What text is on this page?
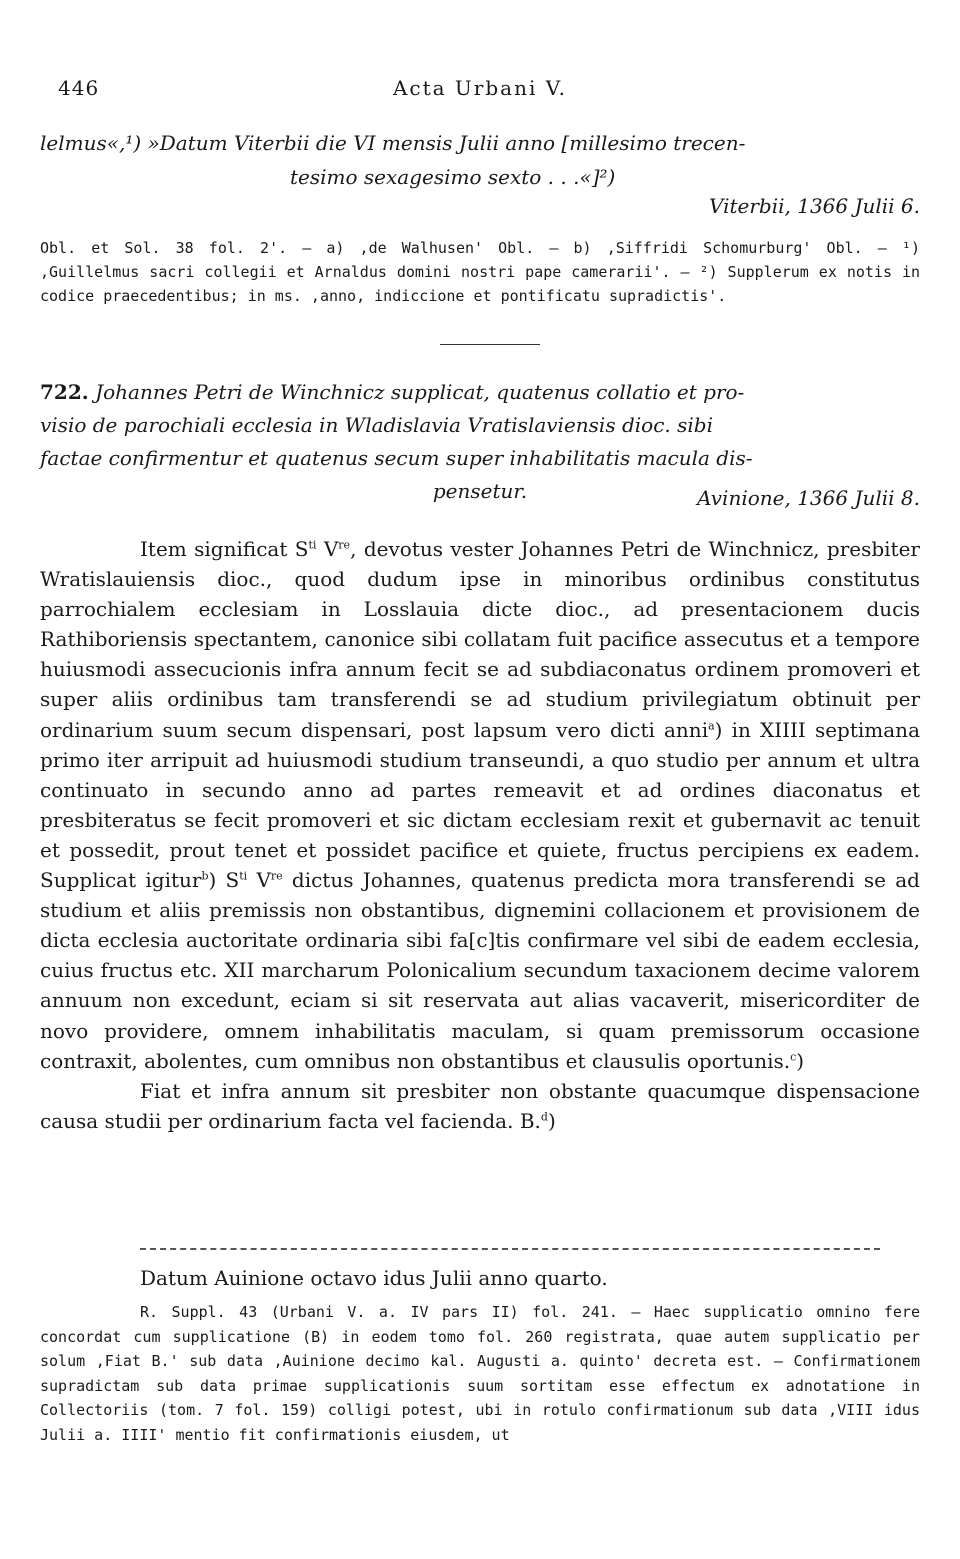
446	Acta Urbani V.
lelmus«,¹) »Datum Viterbii die VI mensis Julii anno [millesimo trecen-
tesimo sexagesimo sexto . . .«]²)
Viterbii, 1366 Julii 6.

Obl. et Sol. 38 fol. 2'. — a) ‚de Walhusen' Obl. — b) ‚Siffridi Schomurburg' Obl. — ¹) ‚Guillelmus sacri collegii et Arnaldus domini nostri pape camerarii'. — ²) Supplerum ex notis in codice praecedentibus; in ms. ‚anno, indiccione et pontificatu supradictis'.

722. Johannes Petri de Winchnicz supplicat, quatenus collatio et pro-
visio de parochiali ecclesia in Wladislavia Vratislaviensis dioc. sibi
factae confirmentur et quatenus secum super inhabilitatis macula dis-
pensetur.	Avinione, 1366 Julii 8.

Item significat $S^{ti}$ Vre, devotus vester Johannes Petri de Winchnicz, presbiter Wratislauiensis dioc., quod dudum ipse in minoribus ordinibus constitutus parrochialem ecclesiam in Losslauia dicte dioc., ad presentacionem ducis Rathiboriensis spectantem, canonice sibi collatam fuit pacifice assecutus et a tempore huiusmodi assecucionis infra annum fecit se ad subdiaconatus ordinem promoveri et super aliis ordinibus tam transferendi se ad studium privilegiatum obtinuit per ordinarium suum secum dispensari, post lapsum vero dicti anni$^a$) in XIIII septimana primo iter arripuit ad huiusmodi studium transeundi, a quo studio per annum et ultra continuato in secundo anno ad partes remeavit et ad ordines diaconatus et presbiteratus se fecit promoveri et sic dictam ecclesiam rexit et gubernavit ac tenuit et possedit, prout tenet et possidet pacifice et quiete, fructus percipiens ex eadem. Supplicat igitur$^b$) $S^{ti}$ Vre dictus Johannes, quatenus predicta mora transferendi se ad studium et aliis premissis non obstantibus, dignemini collacionem et provisionem de dicta ecclesia auctoritate ordinaria sibi fa[c]tis confirmare vel sibi de eadem ecclesia, cuius fructus etc. XII marcharum Polonicalium secundum taxacionem decime valorem annuum non excedunt, eciam si sit reservata aut alias vacaverit, misericorditer de novo providere, omnem inhabilitatis maculam, si quam premissorum occasione contraxit, abolentes, cum omnibus non obstantibus et clausulis oportunis.$^c$)

Fiat et infra annum sit presbiter non obstante quacumque dispensacione causa studii per ordinarium facta vel facienda. B.$^d$)

Datum Auinione octavo idus Julii anno quarto.

R. Suppl. 43 (Urbani V. a. IV pars II) fol. 241. — Haec supplicatio omnino fere concordat cum supplicatione (B) in eodem tomo fol. 260 registrata, quae autem supplicatio per solum ‚Fiat B.' sub data ‚Auinione decimo kal. Augusti a. quinto' decreta est. — Confirmationem supradictam sub data primae supplicationis suum sortitam esse effectum ex adnotatione in Collectoriis (tom. 7 fol. 159) colligi potest, ubi in rotulo confirmationum sub data ‚VIII idus Julii a. IIII' mentio fit confirmationis eiusdem, ut
